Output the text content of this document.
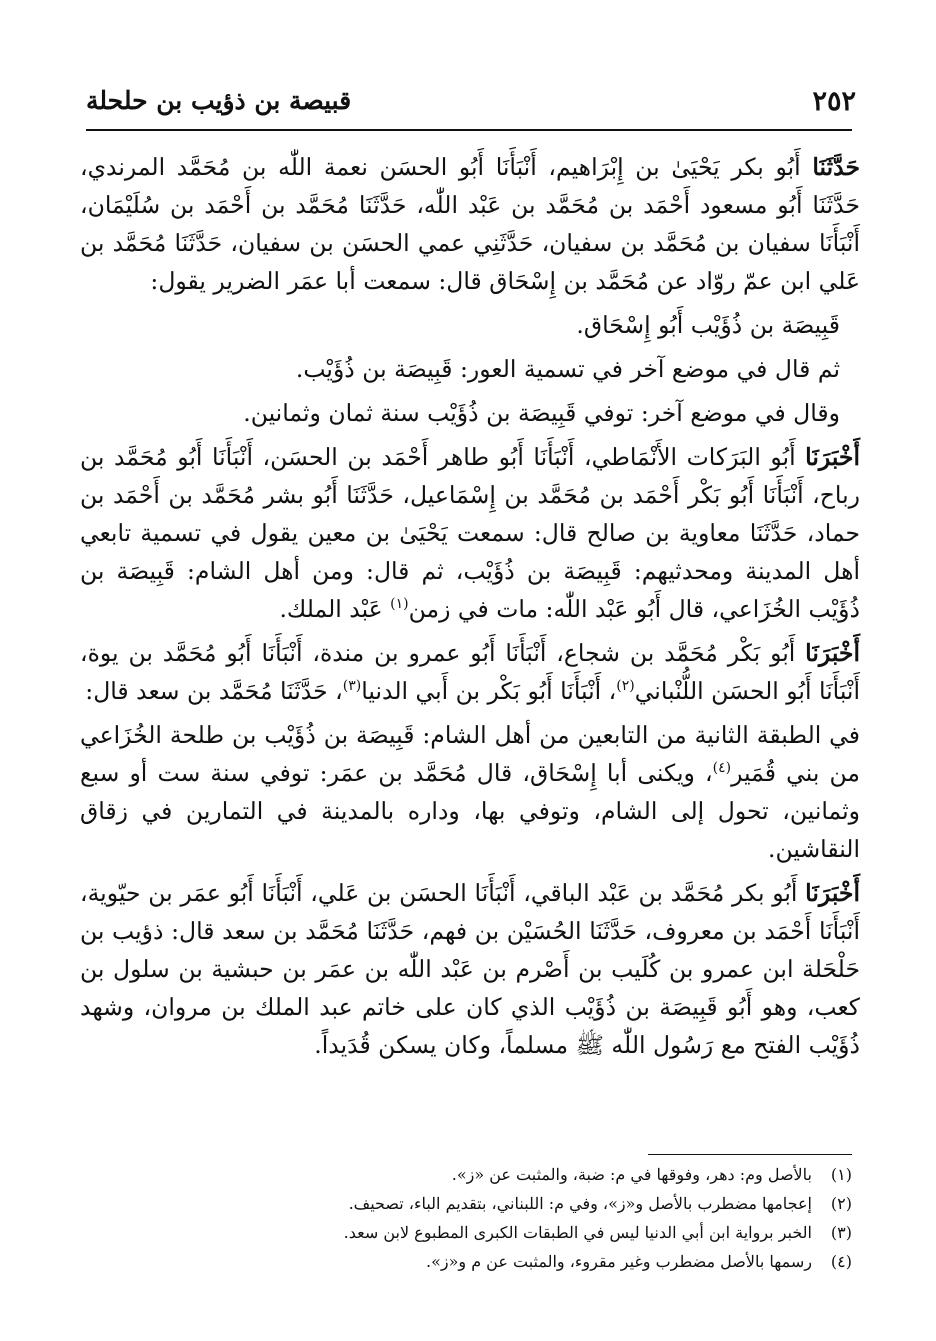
٢٥٢
قبيصة بن ذؤيب بن حلحلة

حَدَّثَنَا أَبُو بكر يَحْيَىٰ بن إِبْرَاهيم، أَنْبَأَنَا أَبُو الحسَن نعمة اللّٰه بن مُحَمَّد المرندي، حَدَّثَنَا أَبُو مسعود أَحْمَد بن مُحَمَّد بن عَبْد اللّٰه، حَدَّثَنَا مُحَمَّد بن أَحْمَد بن سُلَيْمَان، أَنْبَأَنَا سفيان بن مُحَمَّد بن سفيان، حَدَّثَنِي عمي الحسَن بن سفيان، حَدَّثَنَا مُحَمَّد بن عَلي ابن عمّ روّاد عن مُحَمَّد بن إِسْحَاق قال: سمعت أبا عمَر الضرير يقول:

قَبِيصَة بن ذُؤَيْب أَبُو إِسْحَاق.

ثم قال في موضع آخر في تسمية العور: قَبِيصَة بن ذُؤَيْب.

وقال في موضع آخر: توفي قَبِيصَة بن ذُؤَيْب سنة ثمان وثمانين.

أَخْبَرَنَا أَبُو البَرَكات الأَنْمَاطي، أَنْبَأَنَا أَبُو طاهر أَحْمَد بن الحسَن، أَنْبَأَنَا أَبُو مُحَمَّد بن رباح، أَنْبَأَنَا أَبُو بَكْر أَحْمَد بن مُحَمَّد بن إِسْمَاعيل، حَدَّثَنَا أَبُو بشر مُحَمَّد بن أَحْمَد بن حماد، حَدَّثَنَا معاوية بن صالح قال: سمعت يَحْيَىٰ بن معين يقول في تسمية تابعي أهل المدينة ومحدثيهم: قَبِيصَة بن ذُؤَيْب، ثم قال: ومن أهل الشام: قَبِيصَة بن ذُؤَيْب الخُزَاعي، قال أَبُو عَبْد اللّٰه: مات في زمن$^{(١)}$ عَبْد الملك.

أَخْبَرَنَا أَبُو بَكْر مُحَمَّد بن شجاع، أَنْبَأَنَا أَبُو عمرو بن مندة، أَنْبَأَنَا أَبُو مُحَمَّد بن يوة، أَنْبَأَنَا أَبُو الحسَن اللُّنْباني$^{(٢)}$، أَنْبَأَنَا أَبُو بَكْر بن أَبي الدنيا$^{(٣)}$، حَدَّثَنَا مُحَمَّد بن سعد قال:

في الطبقة الثانية من التابعين من أهل الشام: قَبِيصَة بن ذُؤَيْب بن طلحة الخُزَاعي من بني قُمَير$^{(٤)}$، ويكنى أبا إِسْحَاق، قال مُحَمَّد بن عمَر: توفي سنة ست أو سبع وثمانين، تحول إلى الشام، وتوفي بها، وداره بالمدينة في التمارين في زقاق النقاشين.

أَخْبَرَنَا أَبُو بكر مُحَمَّد بن عَبْد الباقي، أَنْبَأَنَا الحسَن بن عَلي، أَنْبَأَنَا أَبُو عمَر بن حيّوية، أَنْبَأَنَا أَحْمَد بن معروف، حَدَّثَنَا الحُسَيْن بن فهم، حَدَّثَنَا مُحَمَّد بن سعد قال: ذؤيب بن حَلْحَلة ابن عمرو بن كُلَيب بن أَصْرم بن عَبْد اللّٰه بن عمَر بن حبشية بن سلول بن كعب، وهو أَبُو قَبِيصَة بن ذُؤَيْب الذي كان على خاتم عبد الملك بن مروان، وشهد ذُؤَيْب الفتح مع رَسُول اللّٰه ﷺ مسلماً، وكان يسكن قُدَيداً.

(١)
بالأصل وم: دهر، وفوقها في م: ضبة، والمثبت عن «ز».
(٢)
إعجامها مضطرب بالأصل و«ز»، وفي م: اللبناني، بتقديم الباء، تصحيف.
(٣)
الخبر برواية ابن أبي الدنيا ليس في الطبقات الكبرى المطبوع لابن سعد.
(٤)
رسمها بالأصل مضطرب وغير مقروء، والمثبت عن م و«ز».
